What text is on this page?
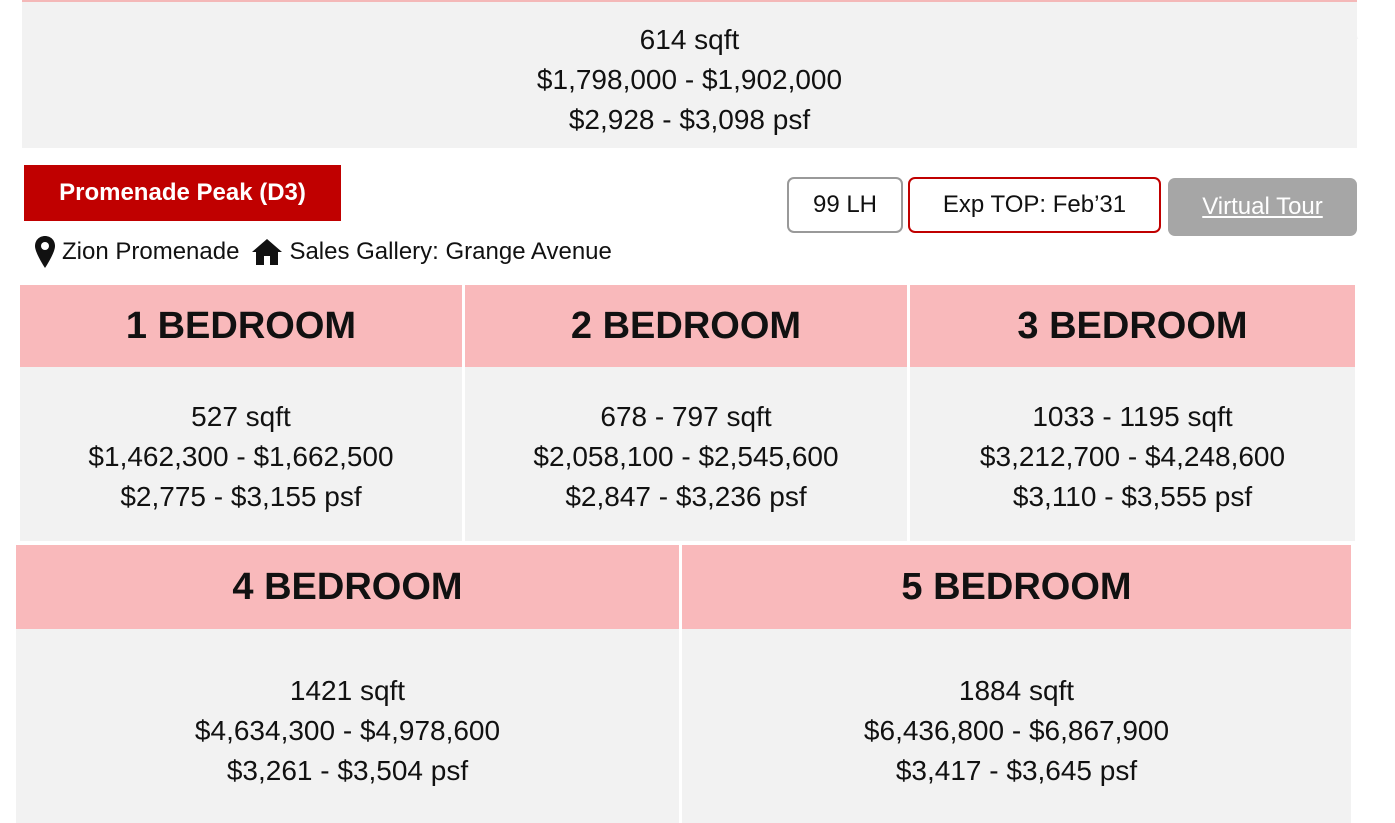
614 sqft
$1,798,000 - $1,902,000
$2,928 - $3,098 psf
Promenade Peak (D3)	99 LH	Exp TOP: Feb’31	Virtual Tour
Zion Promenade Sales Gallery: Grange Avenue
1 BEDROOM
527 sqft
$1,462,300 - $1,662,500
$2,775 - $3,155 psf
2 BEDROOM
678 - 797 sqft
$2,058,100 - $2,545,600
$2,847 - $3,236 psf
3 BEDROOM
1033 - 1195 sqft
$3,212,700 - $4,248,600
$3,110 - $3,555 psf
4 BEDROOM
1421 sqft
$4,634,300 - $4,978,600
$3,261 - $3,504 psf
5 BEDROOM
1884 sqft
$6,436,800 - $6,867,900
$3,417 - $3,645 psf
